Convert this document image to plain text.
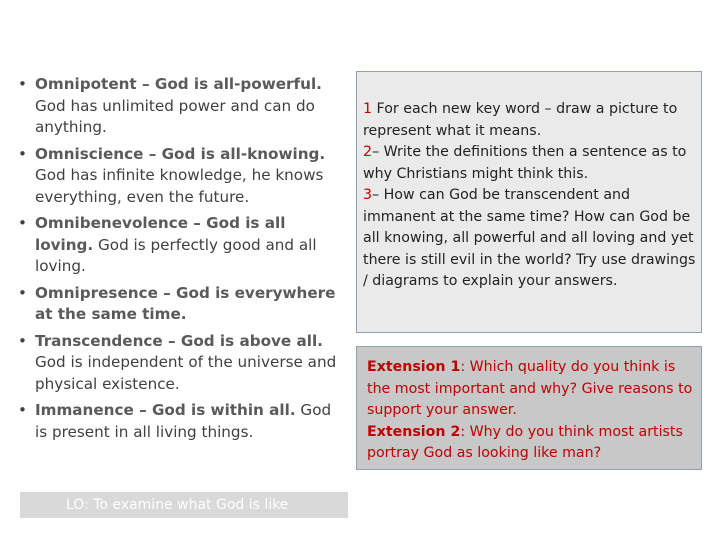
• Omnipotent – God is all-powerful. God has unlimited power and can do anything.
• Omniscience – God is all-knowing. God has infinite knowledge, he knows everything, even the future.
• Omnibenevolence – God is all loving. God is perfectly good and all loving.
• Omnipresence – God is everywhere at the same time.
• Transcendence – God is above all. God is independent of the universe and physical existence.
• Immanence – God is within all. God is present in all living things.
LO: To examine what God is like
1 For each new key word – draw a picture to represent what it means.
2– Write the definitions then a sentence as to why Christians might think this.
3– How can God be transcendent and immanent at the same time? How can God be all knowing, all powerful and all loving and yet there is still evil in the world? Try use drawings / diagrams to explain your answers.
Extension 1: Which quality do you think is the most important and why? Give reasons to support your answer.
Extension 2: Why do you think most artists portray God as looking like man?
